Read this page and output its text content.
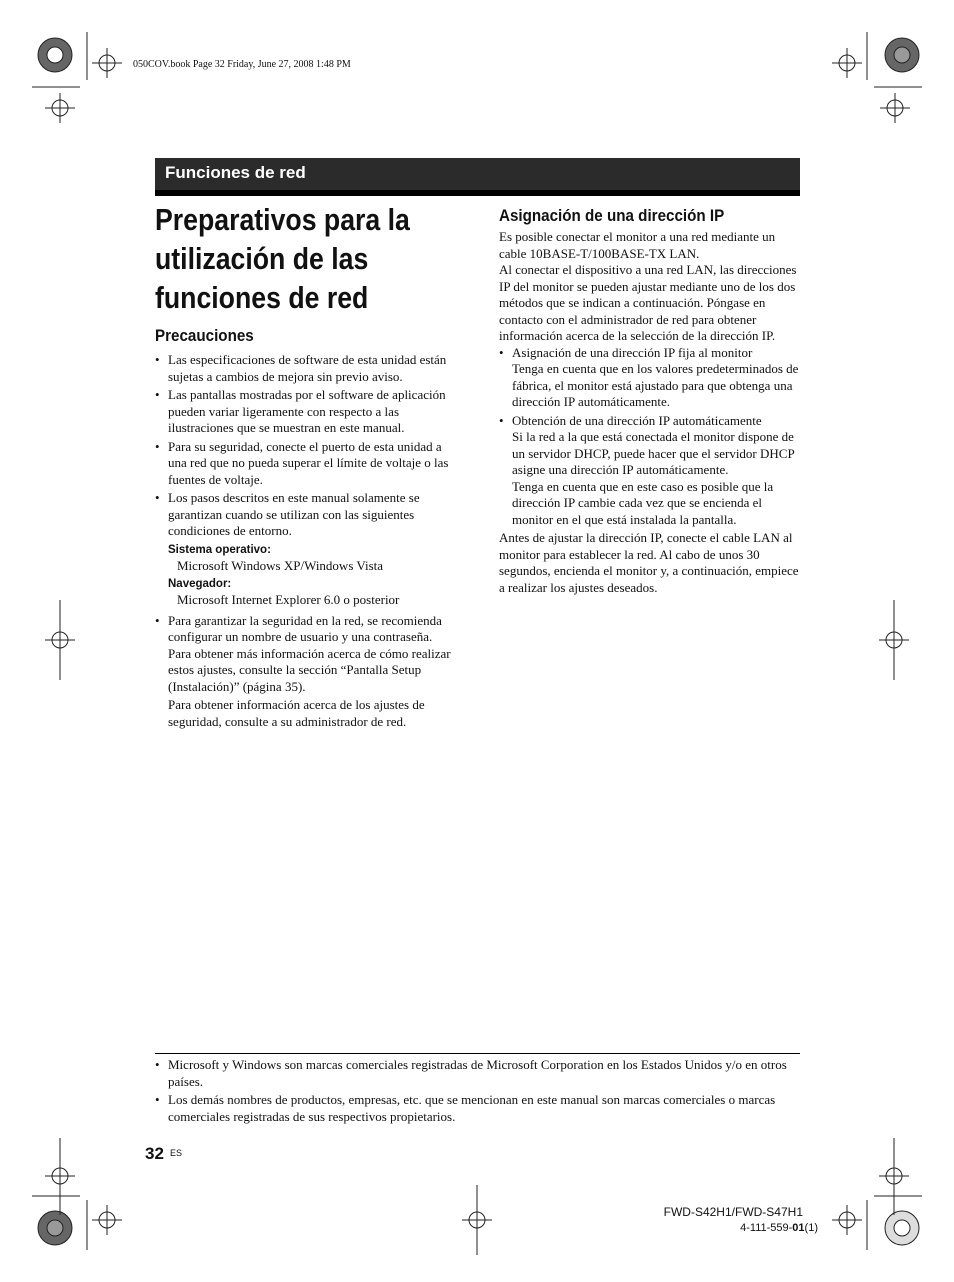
050COV.book Page 32 Friday, June 27, 2008 1:48 PM
Funciones de red
Preparativos para la
utilización de las
funciones de red
Precauciones
• Las especificaciones de software de esta unidad están sujetas a cambios de mejora sin previo aviso.
• Las pantallas mostradas por el software de aplicación pueden variar ligeramente con respecto a las ilustraciones que se muestran en este manual.
• Para su seguridad, conecte el puerto de esta unidad a una red que no pueda superar el límite de voltaje o las fuentes de voltaje.
• Los pasos descritos en este manual solamente se garantizan cuando se utilizan con las siguientes condiciones de entorno.
Sistema operativo:
Microsoft Windows XP/Windows Vista
Navegador:
Microsoft Internet Explorer 6.0 o posterior
• Para garantizar la seguridad en la red, se recomienda configurar un nombre de usuario y una contraseña. Para obtener más información acerca de cómo realizar estos ajustes, consulte la sección “Pantalla Setup (Instalación)” (página 35).
Para obtener información acerca de los ajustes de seguridad, consulte a su administrador de red.
Asignación de una dirección IP

Es posible conectar el monitor a una red mediante un cable 10BASE-T/100BASE-TX LAN.

Al conectar el dispositivo a una red LAN, las direcciones IP del monitor se pueden ajustar mediante uno de los dos métodos que se indican a continuación. Póngase en contacto con el administrador de red para obtener información acerca de la selección de la dirección IP.

• Asignación de una dirección IP fija al monitor
Tenga en cuenta que en los valores predeterminados de fábrica, el monitor está ajustado para que obtenga una dirección IP automáticamente.
• Obtención de una dirección IP automáticamente
Si la red a la que está conectada el monitor dispone de un servidor DHCP, puede hacer que el servidor DHCP asigne una dirección IP automáticamente.
Tenga en cuenta que en este caso es posible que la dirección IP cambie cada vez que se encienda el monitor en el que está instalada la pantalla.

Antes de ajustar la dirección IP, conecte el cable LAN al monitor para establecer la red. Al cabo de unos 30 segundos, encienda el monitor y, a continuación, empiece a realizar los ajustes deseados.

• Microsoft y Windows son marcas comerciales registradas de Microsoft Corporation en los Estados Unidos y/o en otros países.
• Los demás nombres de productos, empresas, etc. que se mencionan en este manual son marcas comerciales o marcas comerciales registradas de sus respectivos propietarios.
32 ES
FWD-S42H1/FWD-S47H1
4-111-559-01(1)
